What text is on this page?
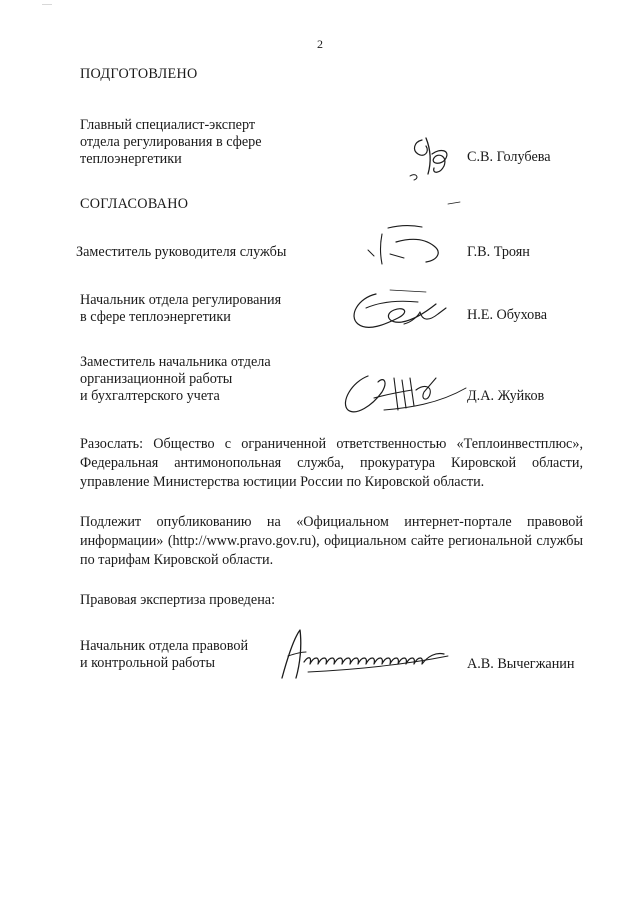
2
ПОДГОТОВЛЕНО
Главный специалист-эксперт
отдела регулирования в сфере
теплоэнергетики	С.В. Голубева
СОГЛАСОВАНО
Заместитель руководителя службы	Г.В. Троян
Начальник отдела регулирования
в сфере теплоэнергетики	Н.Е. Обухова
Заместитель начальника отдела
организационной работы
и бухгалтерского учета	Д.А. Жуйков
Разослать: Общество с ограниченной ответственностью «Теплоинвестплюс», Федеральная антимонопольная служба, прокуратура Кировской области, управление Министерства юстиции России по Кировской области.
Подлежит опубликованию на «Официальном интернет-портале правовой информации» (http://www.pravo.gov.ru), официальном сайте региональной службы по тарифам Кировской области.
Правовая экспертиза проведена:
Начальник отдела правовой
и контрольной работы	А.В. Вычегжанин
